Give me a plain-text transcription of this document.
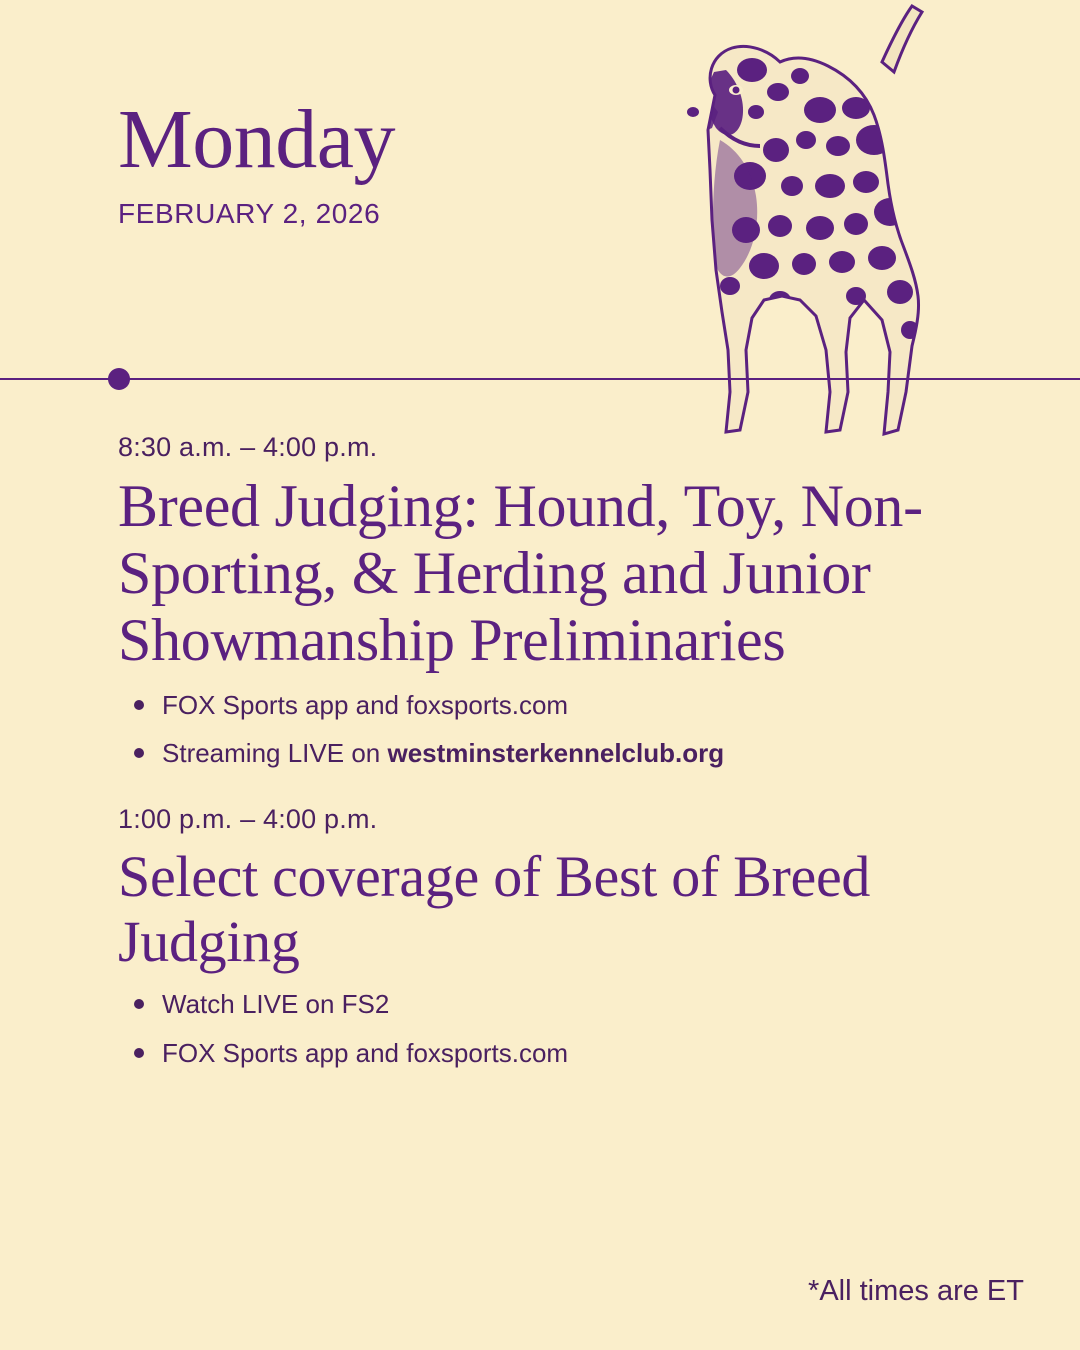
Monday
FEBRUARY 2, 2026
8:30 a.m. – 4:00 p.m.
Breed Judging: Hound, Toy, Non-Sporting, & Herding and Junior Showmanship Preliminaries
FOX Sports app and foxsports.com
Streaming LIVE on westminsterkennelclub.org
1:00 p.m. – 4:00 p.m.
Select coverage of Best of Breed Judging
Watch LIVE on FS2
FOX Sports app and foxsports.com
*All times are ET
